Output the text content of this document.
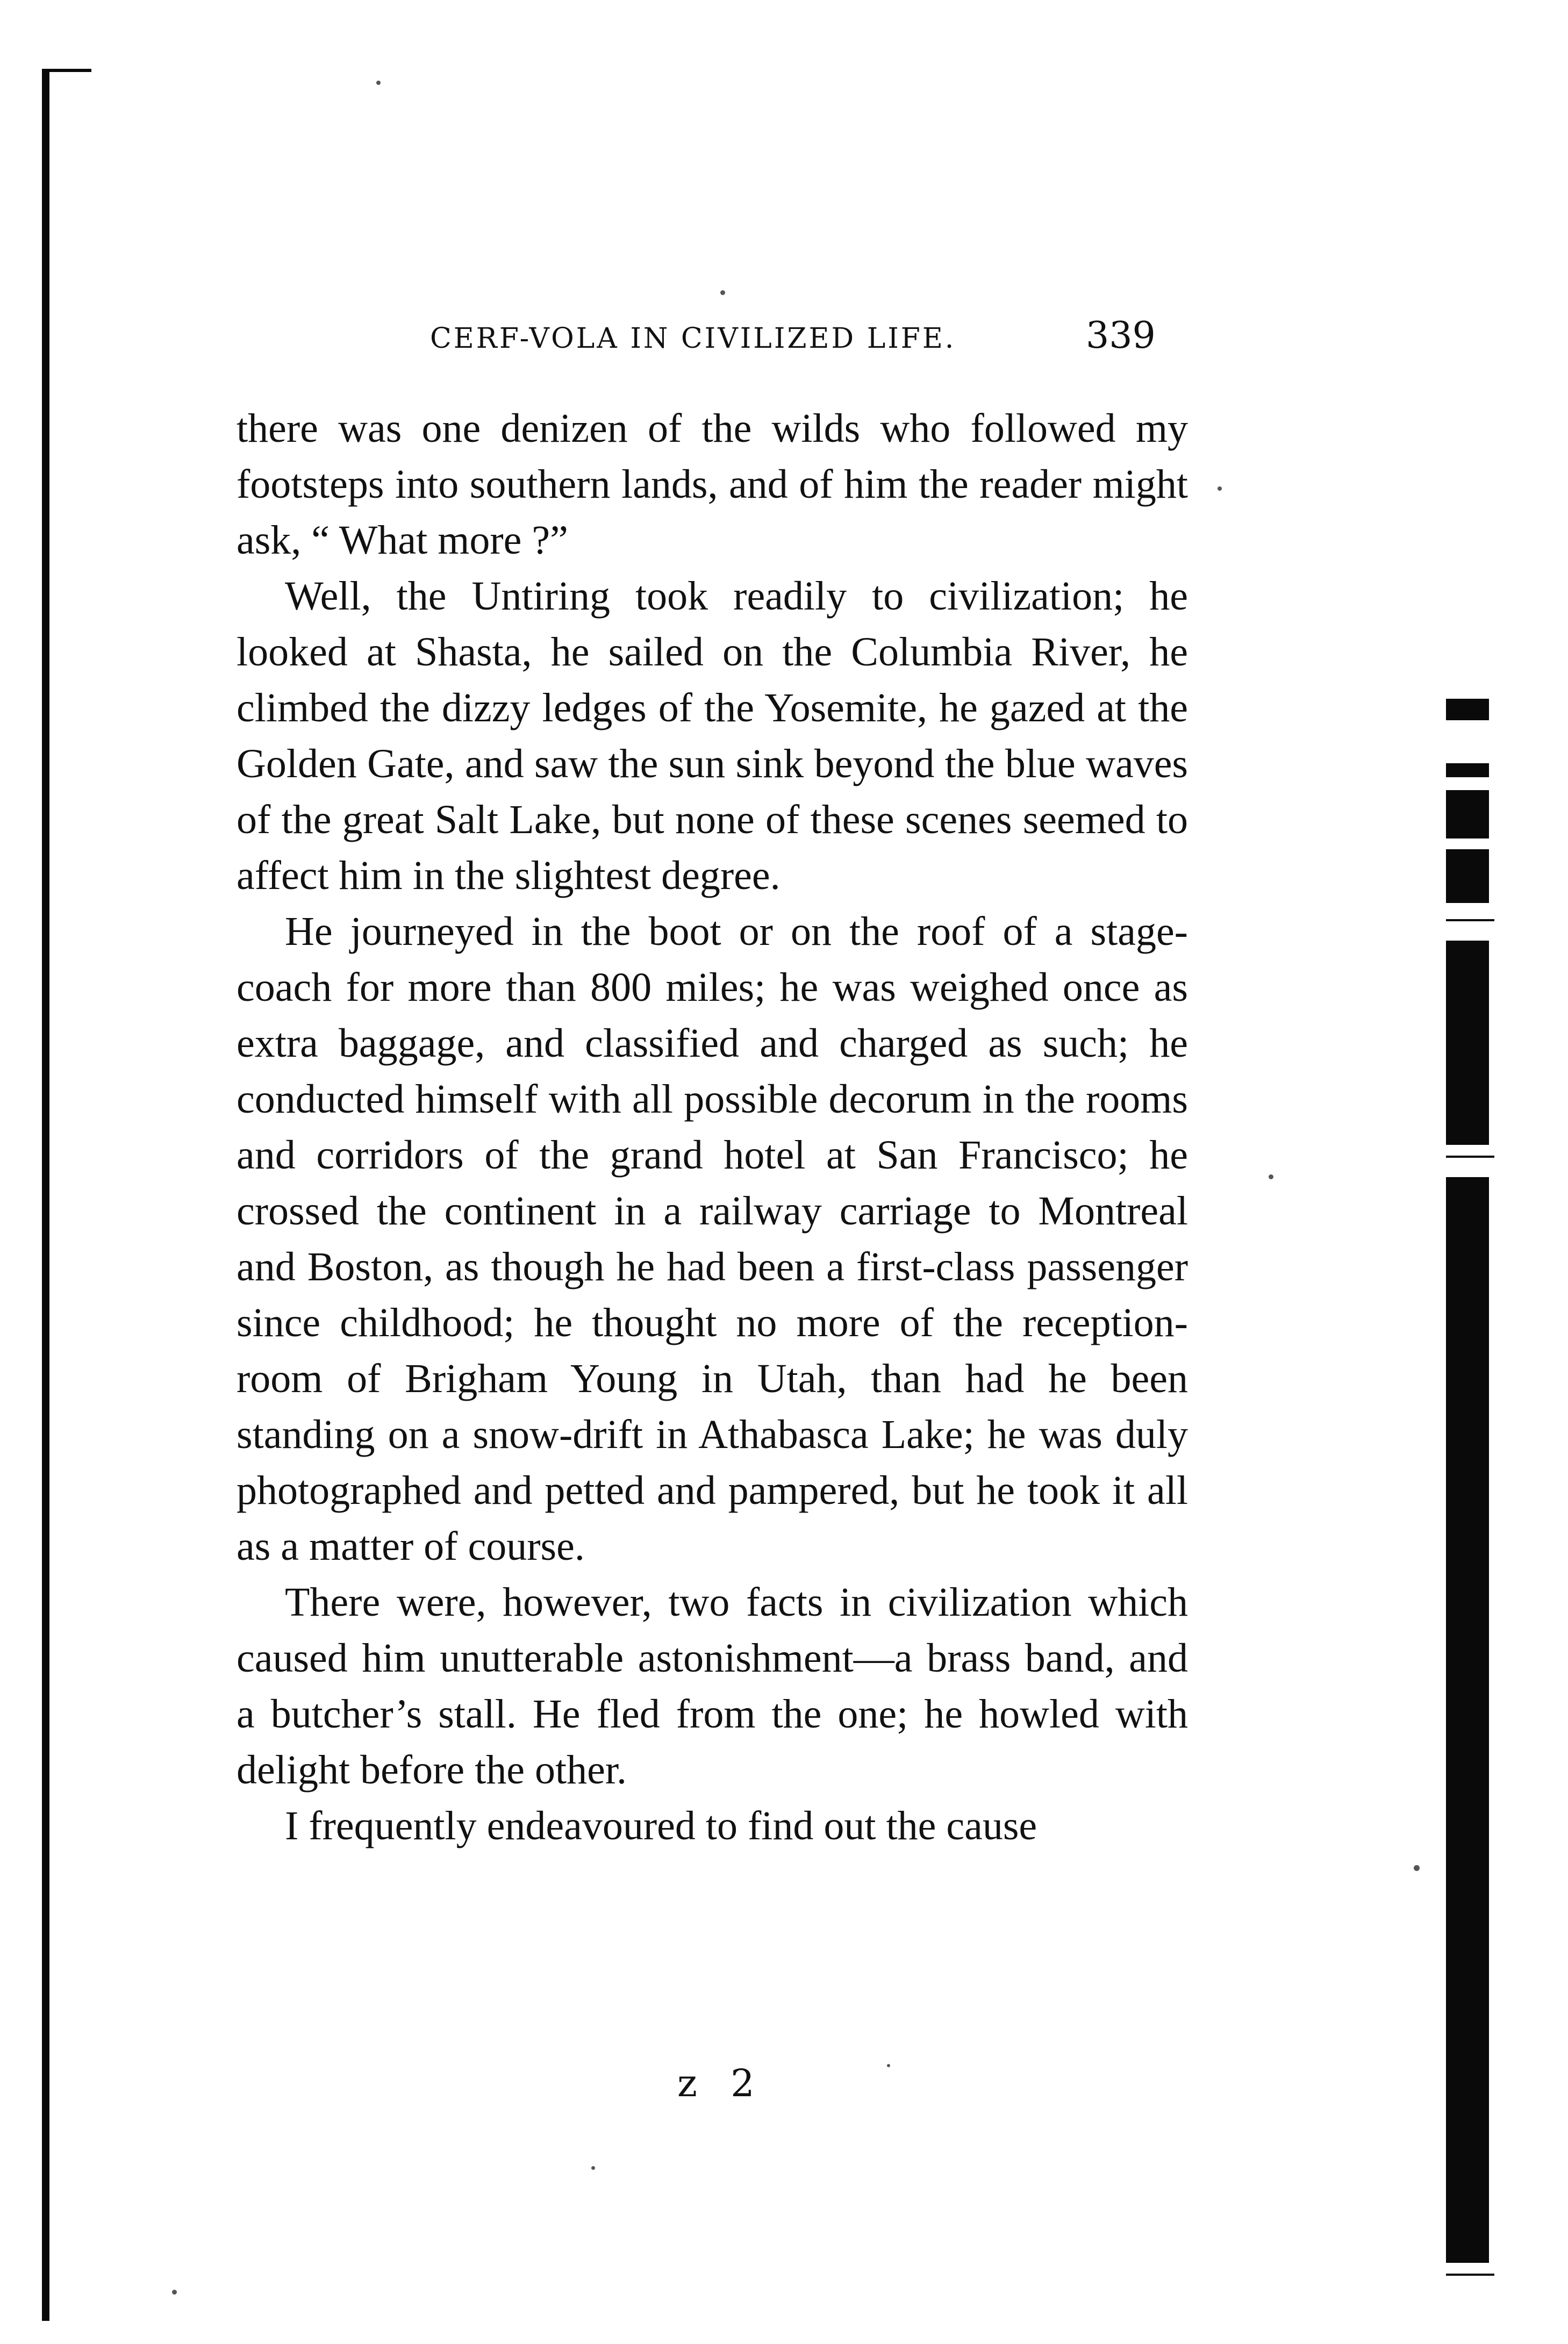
CERF-VOLA IN CIVILIZED LIFE.	339

there was one denizen of the wilds who followed my footsteps into southern lands, and of him the reader might ask, “ What more ?”

Well, the Untiring took readily to civilization; he looked at Shasta, he sailed on the Columbia River, he climbed the dizzy ledges of the Yosemite, he gazed at the Golden Gate, and saw the sun sink beyond the blue waves of the great Salt Lake, but none of these scenes seemed to affect him in the slightest degree.

He journeyed in the boot or on the roof of a stage-coach for more than 800 miles; he was weighed once as extra baggage, and classified and charged as such; he conducted himself with all possible decorum in the rooms and corridors of the grand hotel at San Francisco; he crossed the continent in a railway carriage to Montreal and Boston, as though he had been a first-class passenger since childhood; he thought no more of the reception-room of Brigham Young in Utah, than had he been standing on a snow-drift in Athabasca Lake; he was duly photographed and petted and pampered, but he took it all as a matter of course.

There were, however, two facts in civilization which caused him unutterable astonishment—a brass band, and a butcher’s stall. He fled from the one; he howled with delight before the other.

I frequently endeavoured to find out the cause

z 2
